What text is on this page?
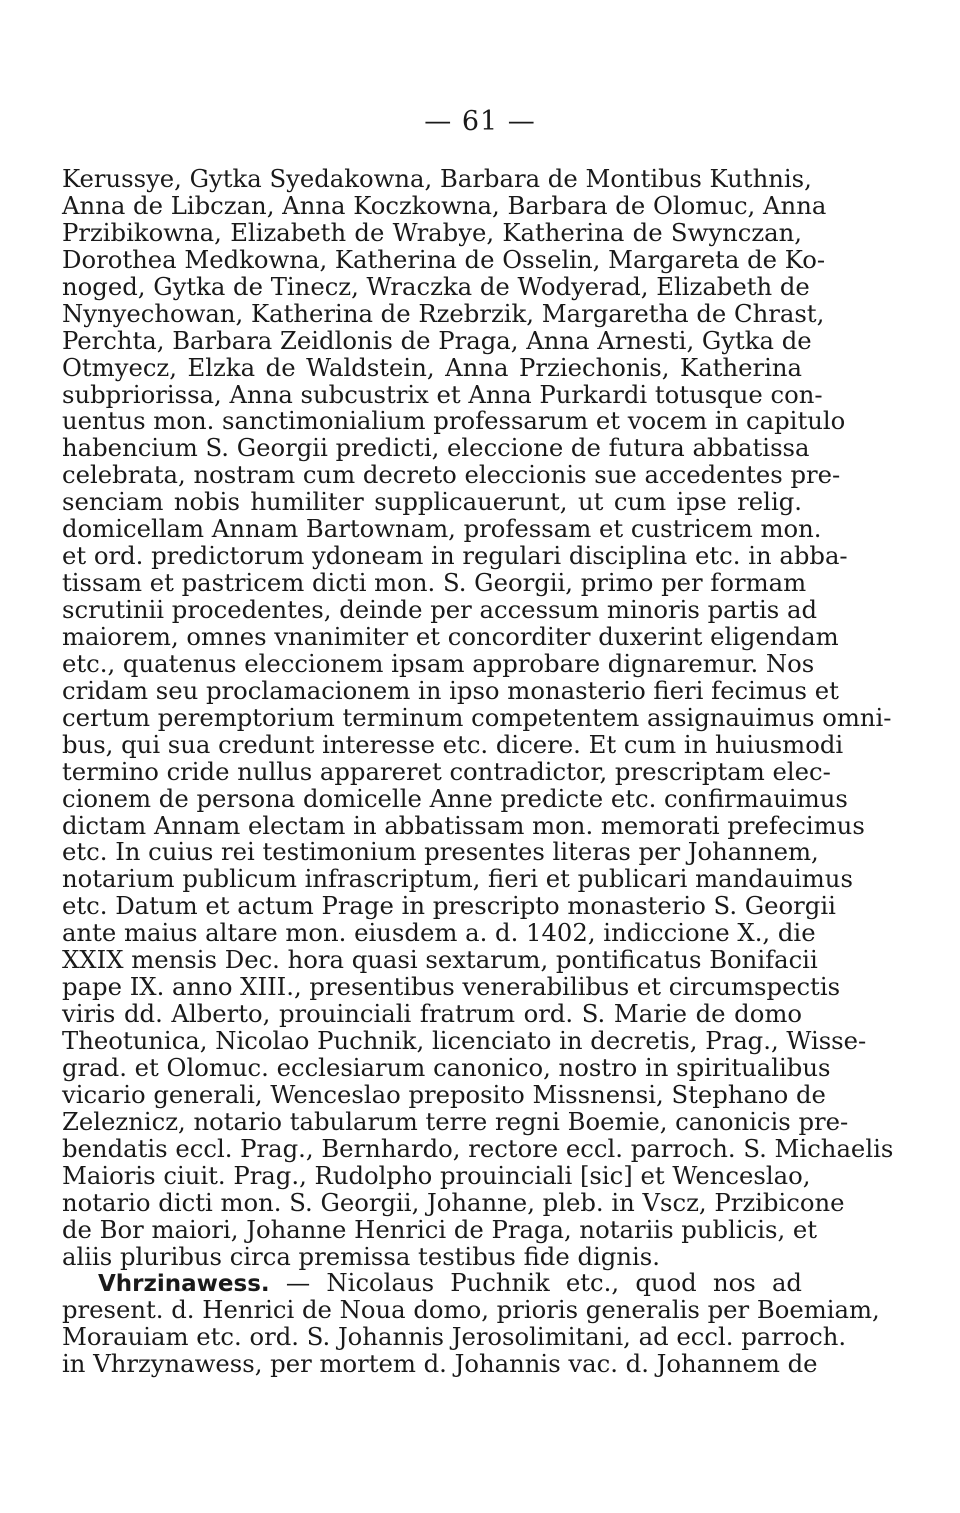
— 61 —
Kerussye, Gytka Syedakowna, Barbara de Montibus Kuthnis,
Anna de Libczan, Anna Koczkowna, Barbara de Olomuc, Anna
Przibikowna, Elizabeth de Wrabye, Katherina de Swynczan,
Dorothea Medkowna, Katherina de Osselin, Margareta de Ko-
noged, Gytka de Tinecz, Wraczka de Wodyerad, Elizabeth de
Nynyechowan, Katherina de Rzebrzik, Margaretha de Chrast,
Perchta, Barbara Zeidlonis de Praga, Anna Arnesti, Gytka de
Otmyecz, Elzka de Waldstein, Anna Prziechonis, Katherina
subpriorissa, Anna subcustrix et Anna Purkardi totusque con-
uentus mon. sanctimonialium professarum et vocem in capitulo
habencium S. Georgii predicti, eleccione de futura abbatissa
celebrata, nostram cum decreto eleccionis sue accedentes pre-
senciam nobis humiliter supplicauerunt, ut cum ipse relig.
domicellam Annam Bartownam, professam et custricem mon.
et ord. predictorum ydoneam in regulari disciplina etc. in abba-
tissam et pastricem dicti mon. S. Georgii, primo per formam
scrutinii procedentes, deinde per accessum minoris partis ad
maiorem, omnes vnanimiter et concorditer duxerint eligendam
etc., quatenus eleccionem ipsam approbare dignaremur. Nos
cridam seu proclamacionem in ipso monasterio fieri fecimus et
certum peremptorium terminum competentem assignauimus omni-
bus, qui sua credunt interesse etc. dicere. Et cum in huiusmodi
termino cride nullus appareret contradictor, prescriptam elec-
cionem de persona domicelle Anne predicte etc. confirmauimus
dictam Annam electam in abbatissam mon. memorati prefecimus
etc. In cuius rei testimonium presentes literas per Johannem,
notarium publicum infrascriptum, fieri et publicari mandauimus
etc. Datum et actum Prage in prescripto monasterio S. Georgii
ante maius altare mon. eiusdem a. d. 1402, indiccione X., die
XXIX mensis Dec. hora quasi sextarum, pontificatus Bonifacii
pape IX. anno XIII., presentibus venerabilibus et circumspectis
viris dd. Alberto, prouinciali fratrum ord. S. Marie de domo
Theotunica, Nicolao Puchnik, licenciato in decretis, Prag., Wisse-
grad. et Olomuc. ecclesiarum canonico, nostro in spiritualibus
vicario generali, Wenceslao preposito Missnensi, Stephano de
Zeleznicz, notario tabularum terre regni Boemie, canonicis pre-
bendatis eccl. Prag., Bernhardo, rectore eccl. parroch. S. Michaelis
Maioris ciuit. Prag., Rudolpho prouinciali [sic] et Wenceslao,
notario dicti mon. S. Georgii, Johanne, pleb. in Vscz, Przibicone
de Bor maiori, Johanne Henrici de Praga, notariis publicis, et
aliis pluribus circa premissa testibus fide dignis.
Vhrzinawess. — Nicolaus Puchnik etc., quod nos ad
present. d. Henrici de Noua domo, prioris generalis per Boemiam,
Morauiam etc. ord. S. Johannis Jerosolimitani, ad eccl. parroch.
in Vhrzynawess, per mortem d. Johannis vac. d. Johannem de
